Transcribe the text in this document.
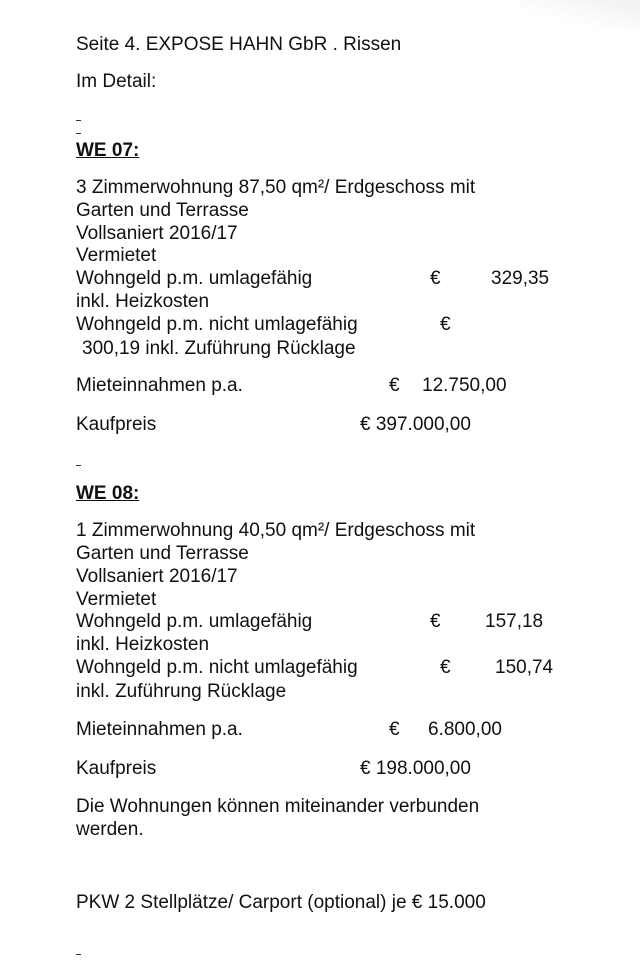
Seite 4. EXPOSE HAHN GbR . Rissen
Im Detail:
WE 07:
3 Zimmerwohnung 87,50 qm²/ Erdgeschoss mit
Garten und Terrasse
Vollsaniert 2016/17
Vermietet
Wohngeld p.m. umlagefähig	€	329,35
inkl. Heizkosten
Wohngeld p.m. nicht umlagefähig	€
300,19 inkl. Zuführung Rücklage
Mieteinnahmen p.a.	€ 12.750,00
Kaufpreis	€ 397.000,00
WE 08:
1 Zimmerwohnung 40,50 qm²/ Erdgeschoss mit
Garten und Terrasse
Vollsaniert 2016/17
Vermietet
Wohngeld p.m. umlagefähig	€ 157,18
inkl. Heizkosten
Wohngeld p.m. nicht umlagefähig	€ 150,74
inkl. Zuführung Rücklage
Mieteinnahmen p.a.	€ 6.800,00
Kaufpreis	€ 198.000,00
Die Wohnungen können miteinander verbunden
werden.
PKW 2 Stellplätze/ Carport (optional) je € 15.000
